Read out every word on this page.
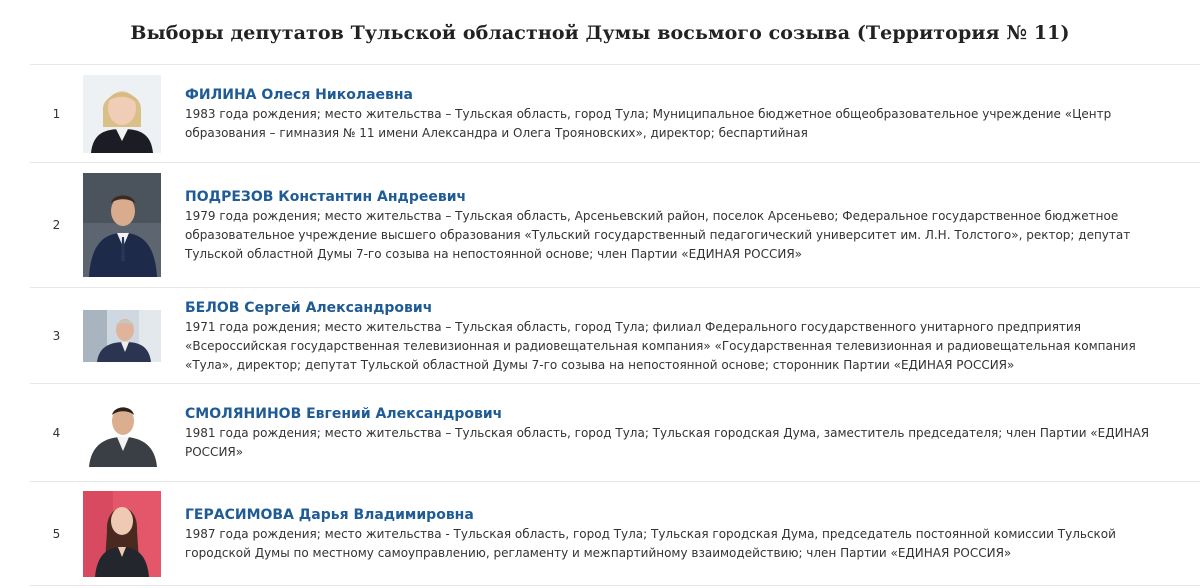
Выборы депутатов Тульской областной Думы восьмого созыва (Территория № 11)
1
ФИЛИНА Олеся Николаевна

1983 года рождения; место жительства – Тульская область, город Тула; Муниципальное бюджетное общеобразовательное учреждение «Центр образования – гимназия № 11 имени Александра и Олега Трояновских», директор; беспартийная

2
ПОДРЕЗОВ Константин Андреевич

1979 года рождения; место жительства – Тульская область, Арсеньевский район, поселок Арсеньево; Федеральное государственное бюджетное образовательное учреждение высшего образования «Тульский государственный педагогический университет им. Л.Н. Толстого», ректор; депутат Тульской областной Думы 7-го созыва на непостоянной основе; член Партии «ЕДИНАЯ РОССИЯ»

3
БЕЛОВ Сергей Александрович

1971 года рождения; место жительства – Тульская область, город Тула; филиал Федерального государственного унитарного предприятия «Всероссийская государственная телевизионная и радиовещательная компания» «Государственная телевизионная и радиовещательная компания «Тула», директор; депутат Тульской областной Думы 7-го созыва на непостоянной основе; сторонник Партии «ЕДИНАЯ РОССИЯ»

4
СМОЛЯНИНОВ Евгений Александрович

1981 года рождения; место жительства – Тульская область, город Тула; Тульская городская Дума, заместитель председателя; член Партии «ЕДИНАЯ РОССИЯ»

5
ГЕРАСИМОВА Дарья Владимировна

1987 года рождения; место жительства - Тульская область, город Тула; Тульская городская Дума, председатель постоянной комиссии Тульской городской Думы по местному самоуправлению, регламенту и межпартийному взаимодействию; член Партии «ЕДИНАЯ РОССИЯ»
